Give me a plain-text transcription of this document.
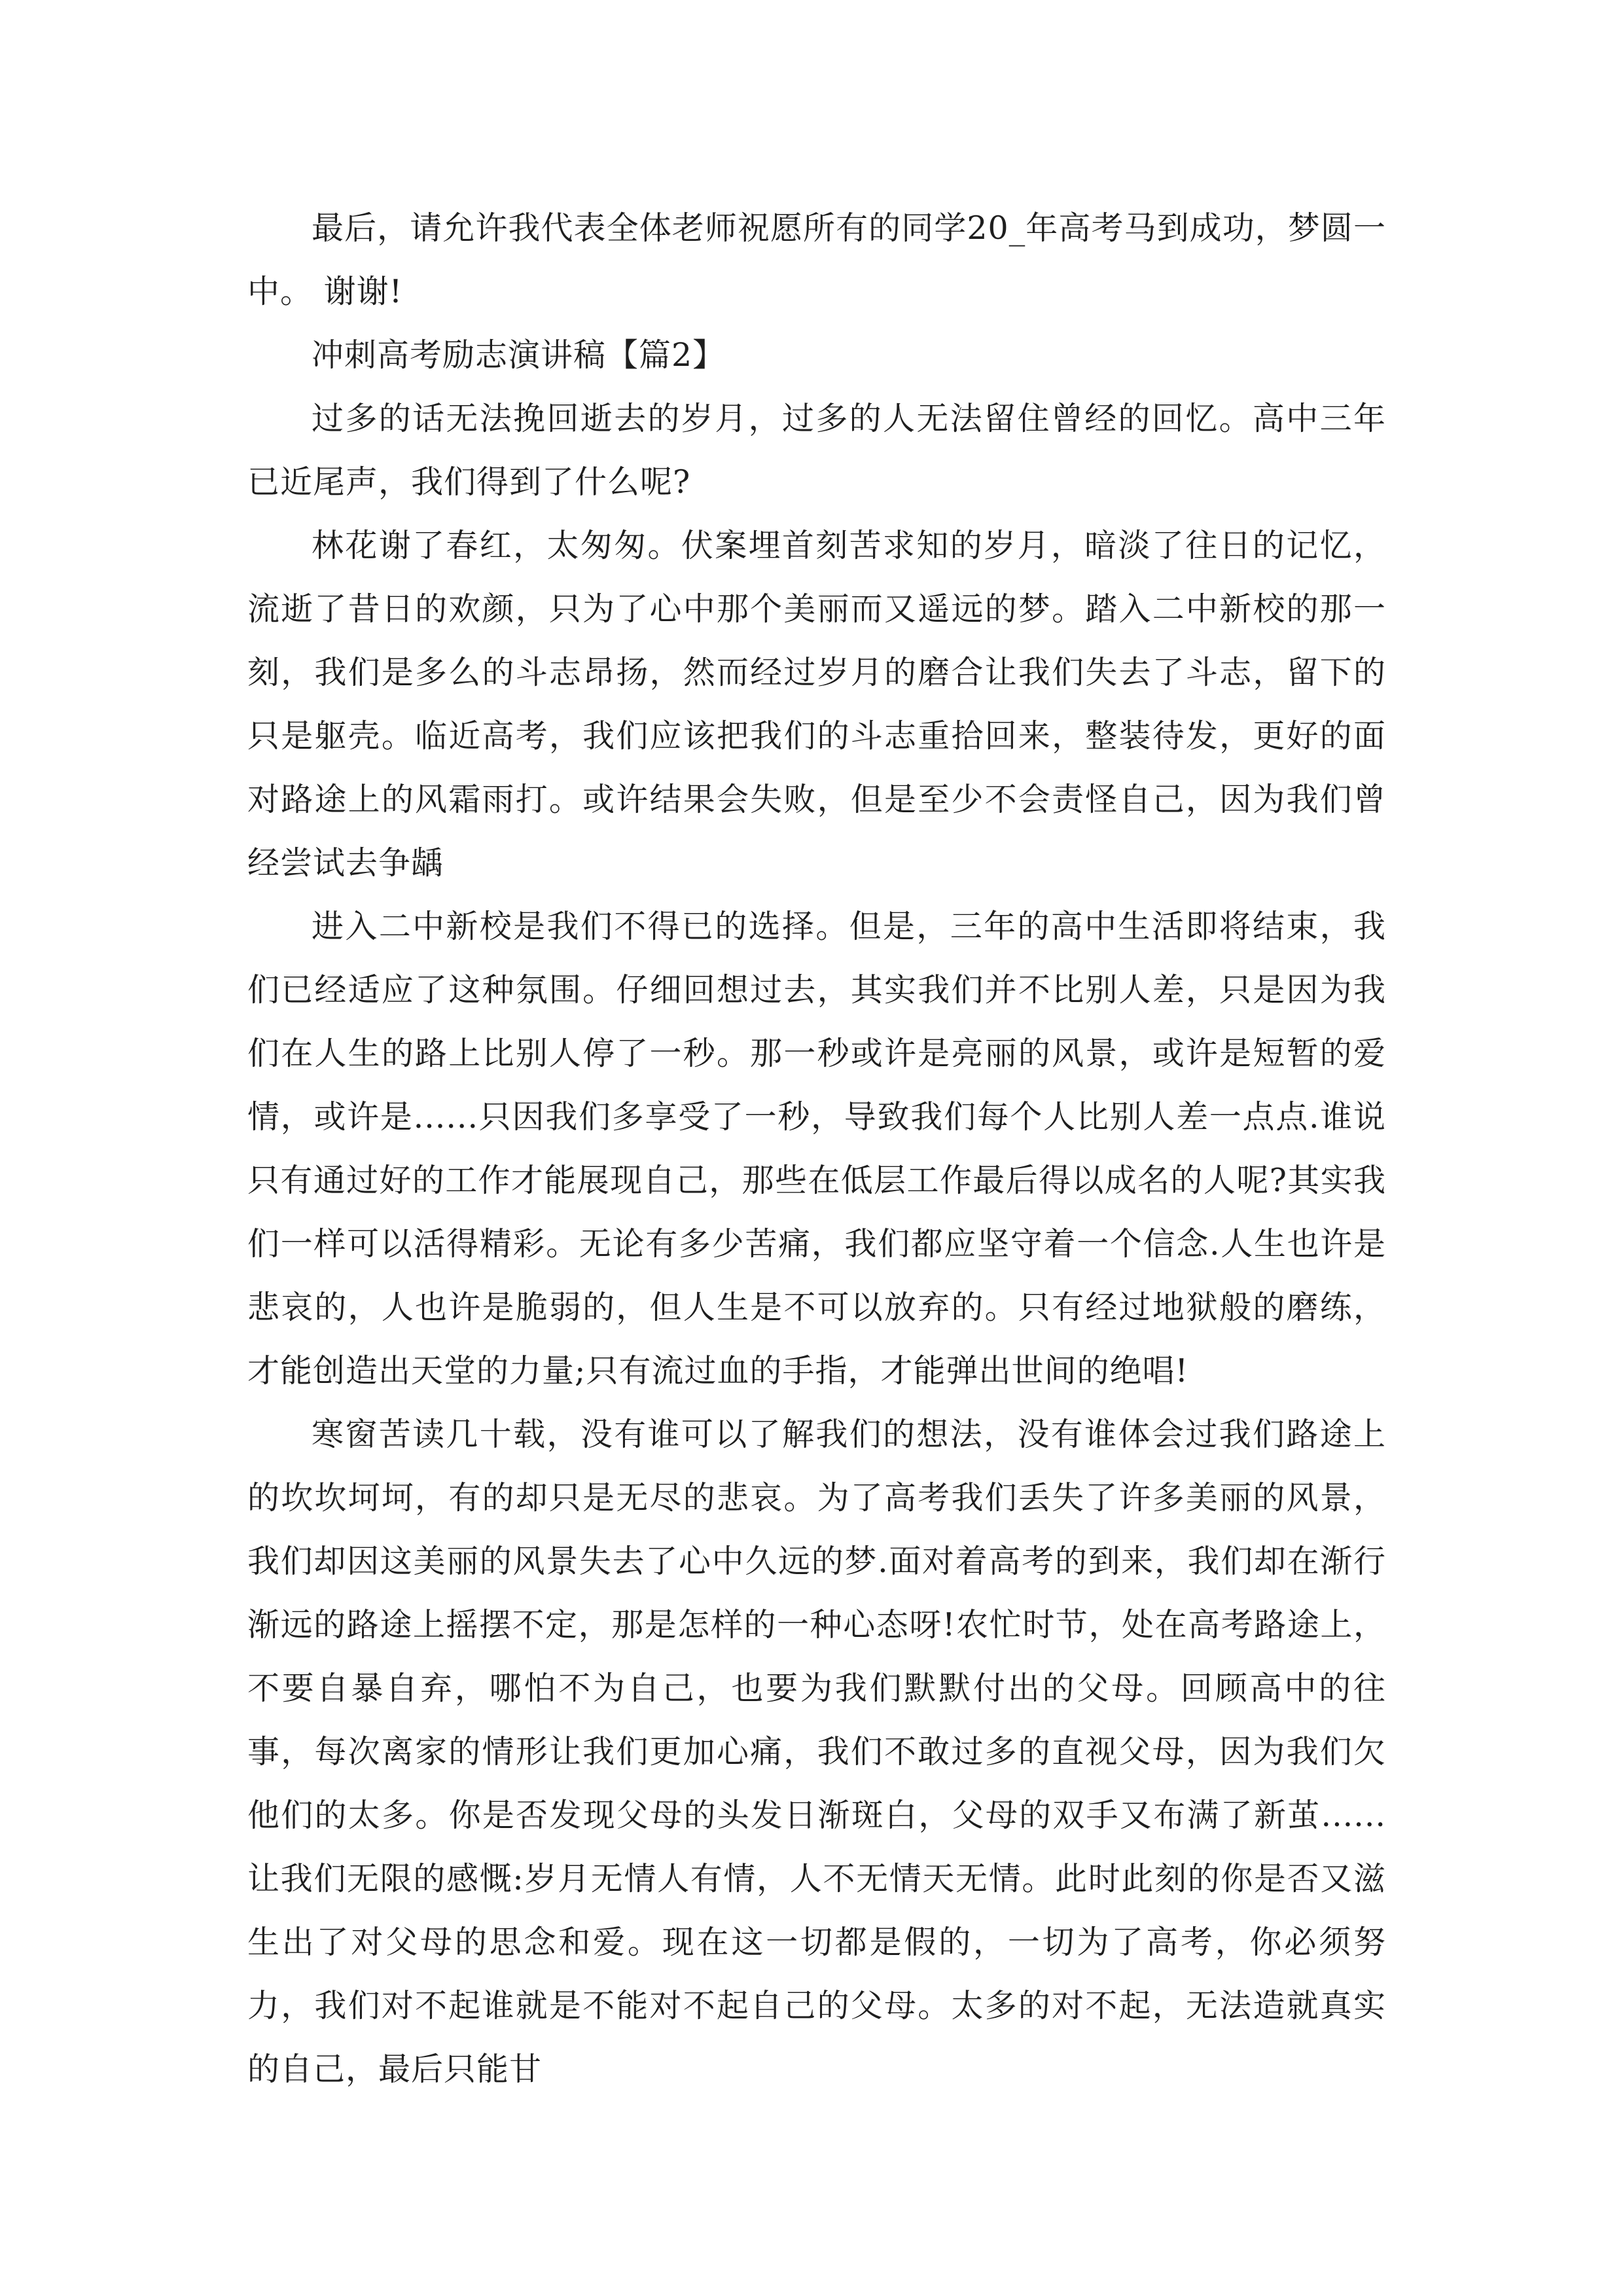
最后，请允许我代表全体老师祝愿所有的同学20_年高考马到成功，梦圆一中。 谢谢!

冲刺高考励志演讲稿【篇2】

过多的话无法挽回逝去的岁月，过多的人无法留住曾经的回忆。高中三年已近尾声，我们得到了什么呢?

林花谢了春红，太匆匆。伏案埋首刻苦求知的岁月，暗淡了往日的记忆，流逝了昔日的欢颜，只为了心中那个美丽而又遥远的梦。踏入二中新校的那一刻，我们是多么的斗志昂扬，然而经过岁月的磨合让我们失去了斗志，留下的只是躯壳。临近高考，我们应该把我们的斗志重拾回来，整装待发，更好的面对路途上的风霜雨打。或许结果会失败，但是至少不会责怪自己，因为我们曾经尝试去争龋

进入二中新校是我们不得已的选择。但是，三年的高中生活即将结束，我们已经适应了这种氛围。仔细回想过去，其实我们并不比别人差，只是因为我们在人生的路上比别人停了一秒。那一秒或许是亮丽的风景，或许是短暂的爱情，或许是......只因我们多享受了一秒，导致我们每个人比别人差一点点.谁说只有通过好的工作才能展现自己，那些在低层工作最后得以成名的人呢?其实我们一样可以活得精彩。无论有多少苦痛，我们都应坚守着一个信念.人生也许是悲哀的，人也许是脆弱的，但人生是不可以放弃的。只有经过地狱般的磨练，才能创造出天堂的力量;只有流过血的手指，才能弹出世间的绝唱!

寒窗苦读几十载，没有谁可以了解我们的想法，没有谁体会过我们路途上的坎坎坷坷，有的却只是无尽的悲哀。为了高考我们丢失了许多美丽的风景，我们却因这美丽的风景失去了心中久远的梦.面对着高考的到来，我们却在渐行渐远的路途上摇摆不定，那是怎样的一种心态呀!农忙时节，处在高考路途上，不要自暴自弃，哪怕不为自己，也要为我们默默付出的父母。回顾高中的往事，每次离家的情形让我们更加心痛，我们不敢过多的直视父母，因为我们欠他们的太多。你是否发现父母的头发日渐斑白，父母的双手又布满了新茧......让我们无限的感慨:岁月无情人有情，人不无情天无情。此时此刻的你是否又滋生出了对父母的思念和爱。现在这一切都是假的，一切为了高考，你必须努力，我们对不起谁就是不能对不起自己的父母。太多的对不起，无法造就真实的自己，最后只能甘
